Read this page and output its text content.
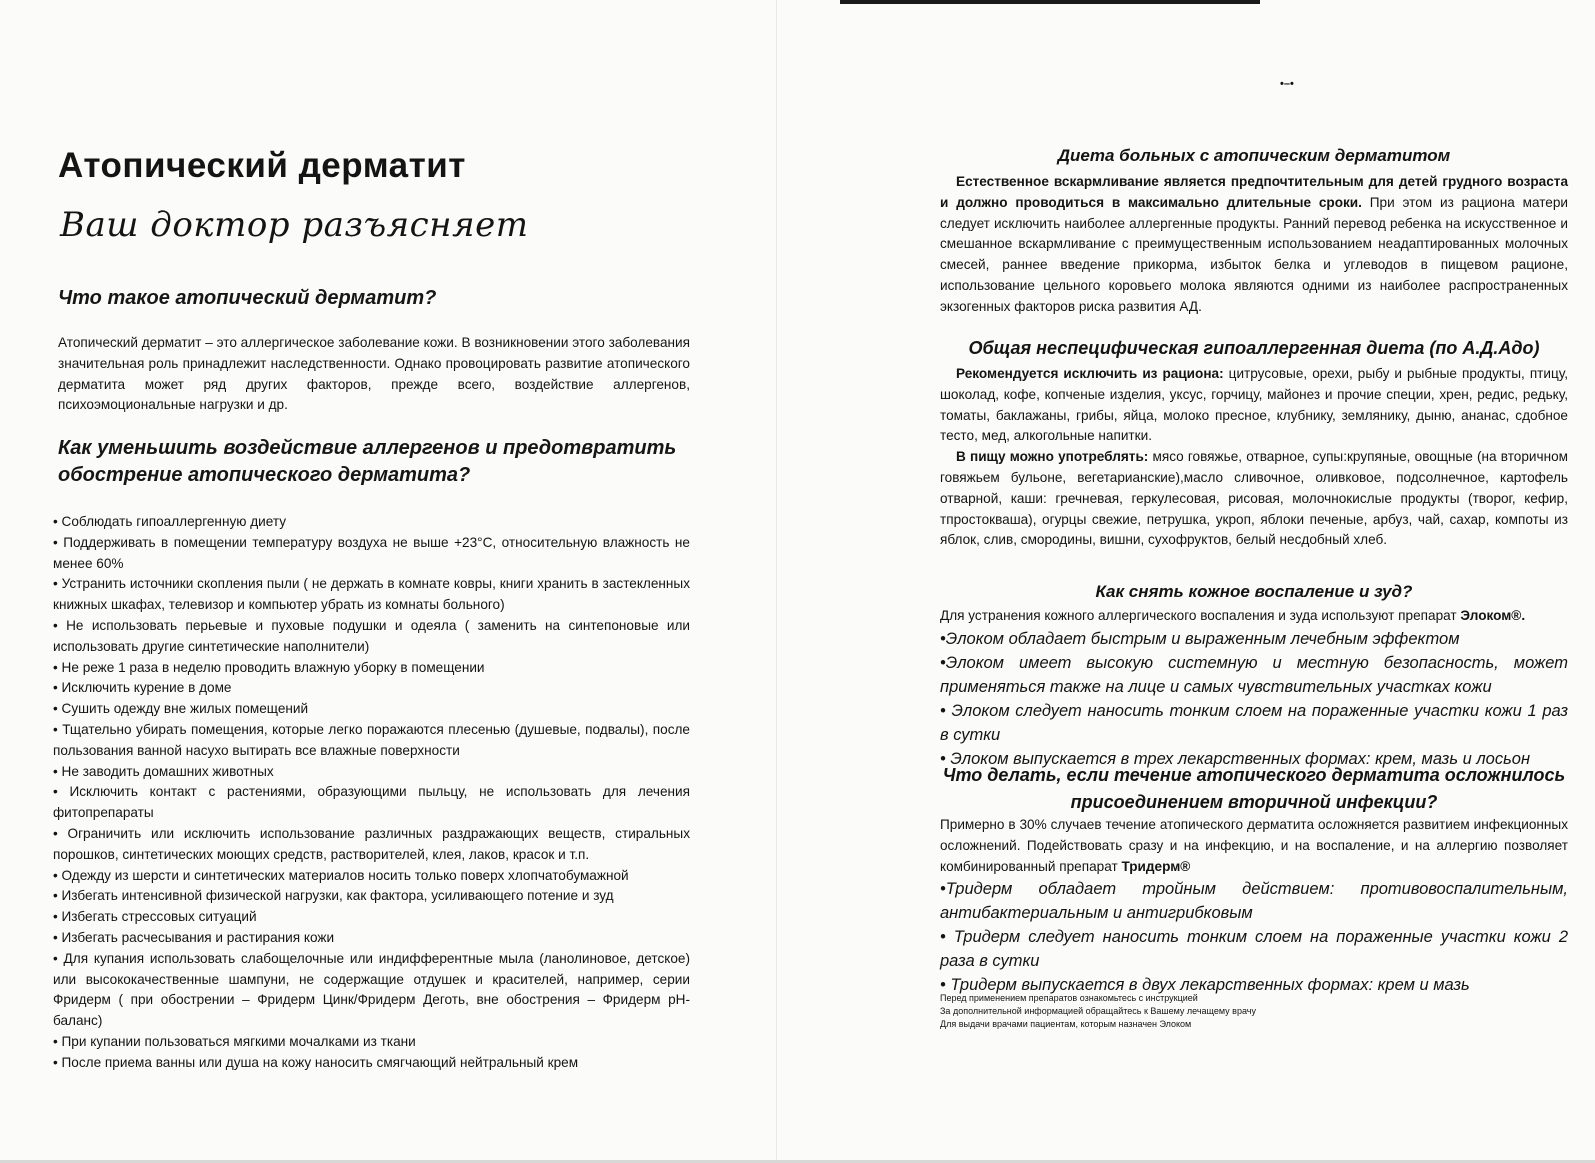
•–•
Атопический дерматит
Ваш доктор разъясняет
Что такое атопический дерматит?

Атопический дерматит – это аллергическое заболевание кожи. В возникновении этого заболевания значительная роль принадлежит наследственности. Однако провоцировать развитие атопического дерматита может ряд других факторов, прежде всего, воздействие аллергенов, психоэмоциональные нагрузки и др.

Как уменьшить воздействие аллергенов и предотвратить обострение атопического дерматита?
• Соблюдать гипоаллергенную диету
• Поддерживать в помещении температуру воздуха не выше +23°C, относительную влажность не менее 60%
• Устранить источники скопления пыли ( не держать в комнате ковры, книги хранить в застекленных книжных шкафах, телевизор и компьютер убрать из комнаты больного)
• Не использовать перьевые и пуховые подушки и одеяла ( заменить на синтепоновые или использовать другие синтетические наполнители)
• Не реже 1 раза в неделю проводить влажную уборку в помещении
• Исключить курение в доме
• Сушить одежду вне жилых помещений
• Тщательно убирать помещения, которые легко поражаются плесенью (душевые, подвалы), после пользования ванной насухо вытирать все влажные поверхности
• Не заводить домашних животных
• Исключить контакт с растениями, образующими пыльцу, не использовать для лечения фитопрепараты
• Ограничить или исключить использование различных раздражающих веществ, стиральных порошков, синтетических моющих средств, растворителей, клея, лаков, красок и т.п.
• Одежду из шерсти и синтетических материалов носить только поверх хлопчатобумажной
• Избегать интенсивной физической нагрузки, как фактора, усиливающего потение и зуд
• Избегать стрессовых ситуаций
• Избегать расчесывания и растирания кожи
• Для купания использовать слабощелочные или индифферентные мыла (ланолиновое, детское) или высококачественные шампуни, не содержащие отдушек и красителей, например, серии Фридерм ( при обострении – Фридерм Цинк/Фридерм Деготь, вне обострения – Фридерм рН-баланс)
• При купании пользоваться мягкими мочалками из ткани
• После приема ванны или душа на кожу наносить смягчающий нейтральный крем
Диета больных с атопическим дерматитом

Естественное вскармливание является предпочтительным для детей грудного возраста и должно проводиться в максимально длительные сроки. При этом из рациона матери следует исключить наиболее аллергенные продукты. Ранний перевод ребенка на искусственное и смешанное вскармливание с преимущественным использованием неадаптированных молочных смесей, раннее введение прикорма, избыток белка и углеводов в пищевом рационе, использование цельного коровьего молока являются одними из наиболее распространенных экзогенных факторов риска развития АД.

Общая неспецифическая гипоаллергенная диета (по А.Д.Адо)

Рекомендуется исключить из рациона: цитрусовые, орехи, рыбу и рыбные продукты, птицу, шоколад, кофе, копченые изделия, уксус, горчицу, майонез и прочие специи, хрен, редис, редьку, томаты, баклажаны, грибы, яйца, молоко пресное, клубнику, землянику, дыню, ананас, сдобное тесто, мед, алкогольные напитки.

В пищу можно употреблять: мясо говяжье, отварное, супы:крупяные, овощные (на вторичном говяжьем бульоне, вегетарианские),масло сливочное, оливковое, подсолнечное, картофель отварной, каши: гречневая, геркулесовая, рисовая, молочнокислые продукты (творог, кефир, тпростокваша), огурцы свежие, петрушка, укроп, яблоки печеные, арбуз, чай, сахар, компоты из яблок, слив, смородины, вишни, сухофруктов, белый несдобный хлеб.

Как снять кожное воспаление и зуд?

Для устранения кожного аллергического воспаления и зуда используют препарат Элоком®.

•Элоком обладает быстрым и выраженным лечебным эффектом
•Элоком имеет высокую системную и местную безопасность, может применяться также на лице и самых чувствительных участках кожи
• Элоком следует наносить тонким слоем на пораженные участки кожи 1 раз в сутки
• Элоком выпускается в трех лекарственных формах: крем, мазь и лосьон
Что делать, если течение атопического дерматита осложнилось присоединением вторичной инфекции?

Примерно в 30% случаев течение атопического дерматита осложняется развитием инфекционных осложнений. Подействовать сразу и на инфекцию, и на воспаление, и на аллергию позволяет комбинированный препарат Тридерм®

•Тридерм обладает тройным действием: противовоспалительным, антибактериальным и антигрибковым
• Тридерм следует наносить тонким слоем на пораженные участки кожи 2 раза в сутки
• Тридерм выпускается в двух лекарственных формах: крем и мазь
Перед применением препаратов ознакомьтесь с инструкцией
За дополнительной информацией обращайтесь к Вашему лечащему врачу
Для выдачи врачами пациентам, которым назначен Элоком
